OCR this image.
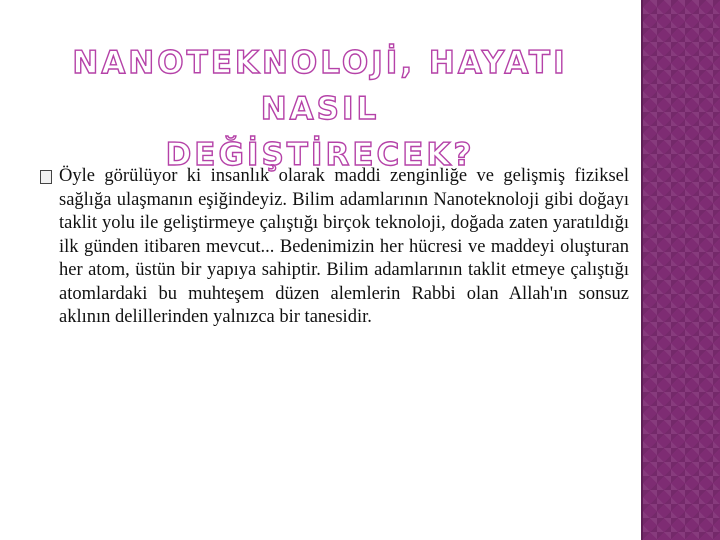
NANOTEKNOLOJİ, HAYATI NASIL
DEĞİŞTİRECEK?
Öyle görülüyor ki insanlık olarak maddi zenginliğe ve gelişmiş fiziksel sağlığa ulaşmanın eşiğindeyiz. Bilim adamlarının Nanoteknoloji gibi doğayı taklit yolu ile geliştirmeye çalıştığı birçok teknoloji, doğada zaten yaratıldığı ilk günden itibaren mevcut... Bedenimizin her hücresi ve maddeyi oluşturan her atom, üstün bir yapıya sahiptir. Bilim adamlarının taklit etmeye çalıştığı atomlardaki bu muhteşem düzen alemlerin Rabbi olan Allah'ın sonsuz aklının delillerinden yalnızca bir tanesidir.
